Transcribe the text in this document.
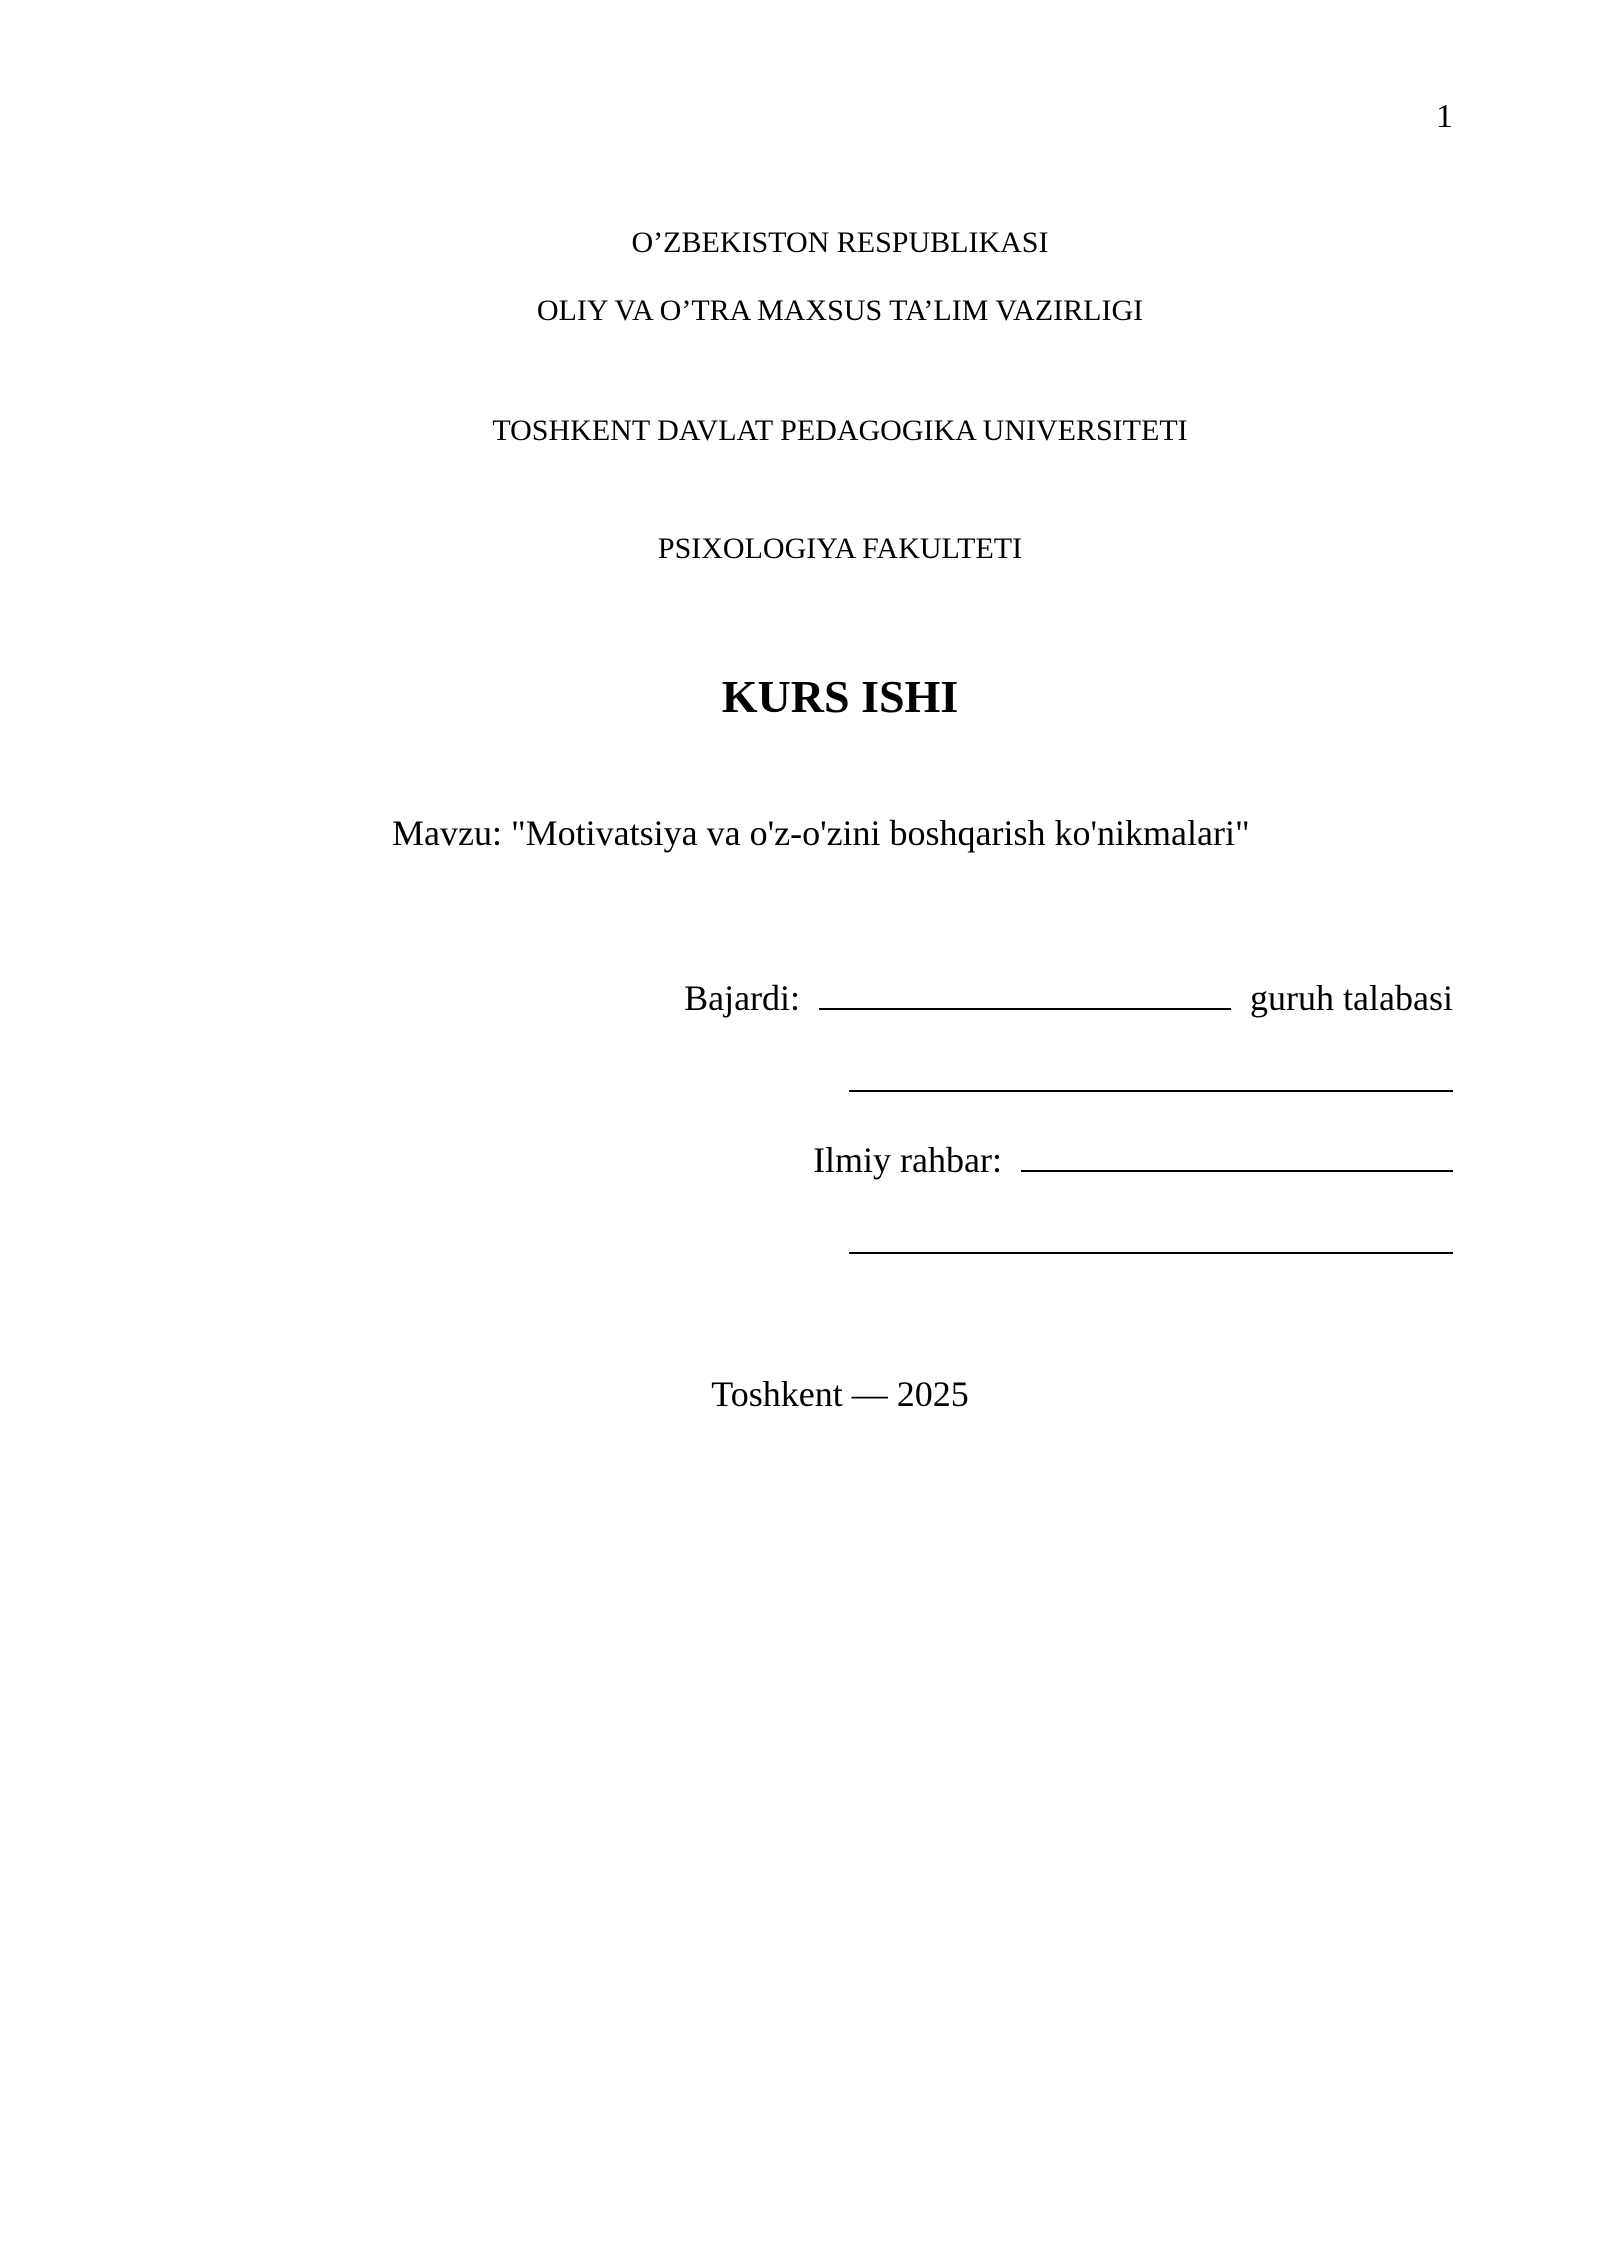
1
O’ZBEKISTON RESPUBLIKASI
OLIY VA O’TRA MAXSUS TA’LIM VAZIRLIGI
TOSHKENT DAVLAT PEDAGOGIKA UNIVERSITETI
PSIXOLOGIYA FAKULTETI
KURS ISHI
Mavzu: "Motivatsiya va o'z-o'zini boshqarish ko'nikmalari"
Bajardi:	guruh talabasi
Ilmiy rahbar:
Toshkent — 2025
